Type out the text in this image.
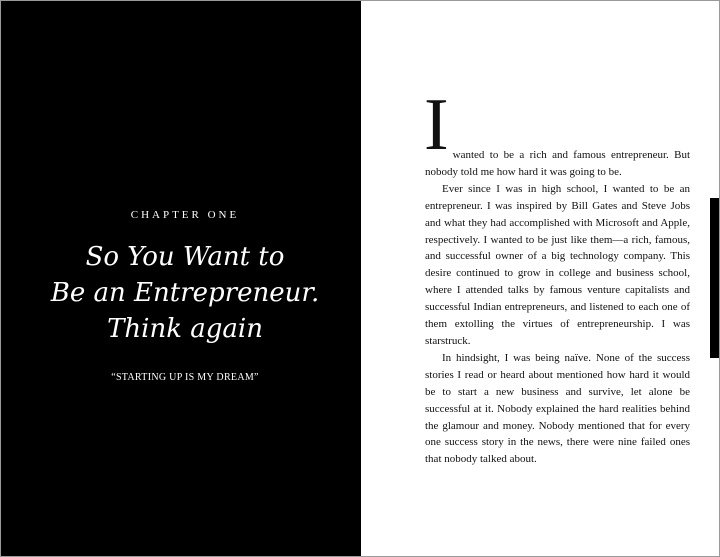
CHAPTER ONE
So You Want to
Be an Entrepreneur.
Think again
“STARTING UP IS MY DREAM”
I wanted to be a rich and famous entrepreneur. But nobody told me how hard it was going to be.

Ever since I was in high school, I wanted to be an entrepreneur. I was inspired by Bill Gates and Steve Jobs and what they had accomplished with Microsoft and Apple, respectively. I wanted to be just like them—a rich, famous, and successful owner of a big technology company. This desire continued to grow in college and business school, where I attended talks by famous venture capitalists and successful Indian entrepreneurs, and listened to each one of them extolling the virtues of entrepreneurship. I was starstruck.

In hindsight, I was being naïve. None of the success stories I read or heard about mentioned how hard it would be to start a new business and survive, let alone be successful at it. Nobody explained the hard realities behind the glamour and money. Nobody mentioned that for every one success story in the news, there were nine failed ones that nobody talked about.
